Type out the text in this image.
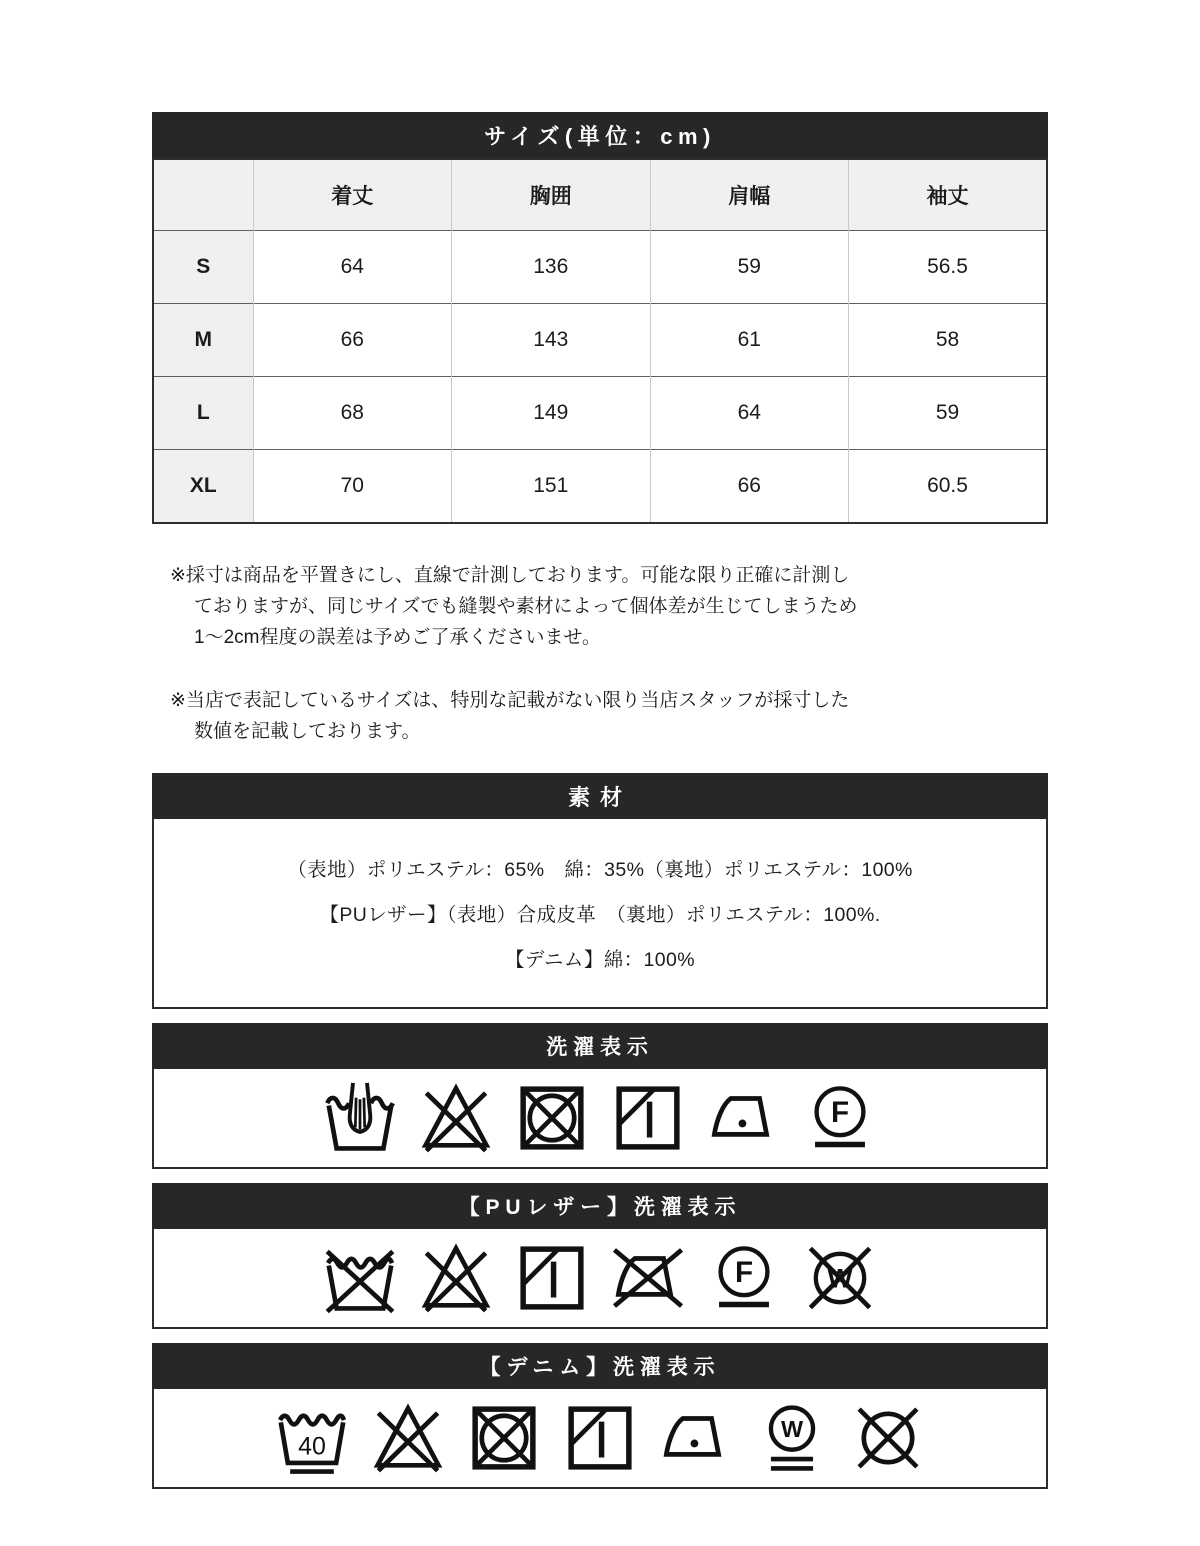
サイズ(単位：cm)
	着丈	胸囲	肩幅	袖丈
S	64	136	59	56.5
M	66	143	61	58
L	68	149	64	59
XL	70	151	66	60.5
※採寸は商品を平置きにし、直線で計測しております。可能な限り正確に計測し
ておりますが、同じサイズでも縫製や素材によって個体差が生じてしまうため
1〜2cm程度の誤差は予めご了承くださいませ。
※当店で表記しているサイズは、特別な記載がない限り当店スタッフが採寸した
数値を記載しております。
素材
（表地）ポリエステル：65%　綿：35%（裏地）ポリエステル：100%
【PUレザー】（表地）合成皮革　（裏地）ポリエステル：100%.
【デニム】綿：100%
洗濯表示
F
【PUレザー】洗濯表示
F W
【デニム】洗濯表示
40
W
